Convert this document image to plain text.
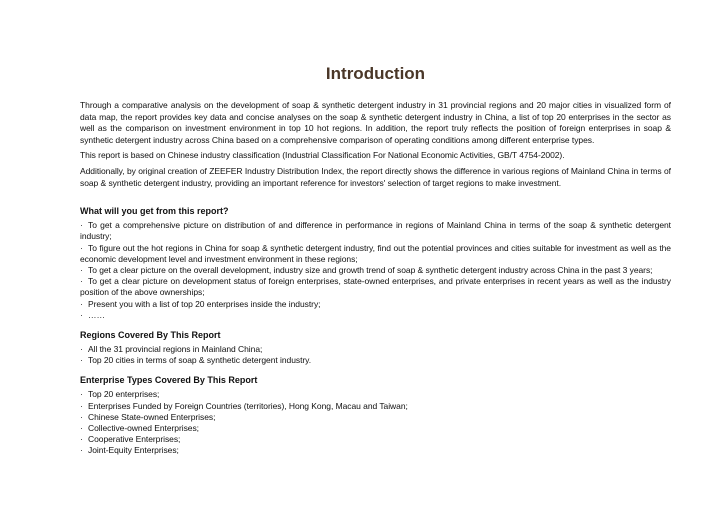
Introduction

Through a comparative analysis on the development of soap & synthetic detergent industry in 31 provincial regions and 20 major cities in visualized form of data map, the report provides key data and concise analyses on the soap & synthetic detergent industry in China, a list of top 20 enterprises in the sector as well as the comparison on investment environment in top 10 hot regions. In addition, the report truly reflects the position of foreign enterprises in soap & synthetic detergent industry across China based on a comprehensive comparison of operating conditions among different enterprise types.

This report is based on Chinese industry classification (Industrial Classification For National Economic Activities, GB/T 4754-2002).

Additionally, by original creation of ZEEFER Industry Distribution Index, the report directly shows the difference in various regions of Mainland China in terms of soap & synthetic detergent industry, providing an important reference for investors' selection of target regions to make investment.

What will you get from this report?
· To get a comprehensive picture on distribution of and difference in performance in regions of Mainland China in terms of the soap & synthetic detergent industry;
· To figure out the hot regions in China for soap & synthetic detergent industry, find out the potential provinces and cities suitable for investment as well as the economic development level and investment environment in these regions;
· To get a clear picture on the overall development, industry size and growth trend of soap & synthetic detergent industry across China in the past 3 years;
· To get a clear picture on development status of foreign enterprises, state-owned enterprises, and private enterprises in recent years as well as the industry position of the above ownerships;
· Present you with a list of top 20 enterprises inside the industry;
· ……
Regions Covered By This Report
· All the 31 provincial regions in Mainland China;
· Top 20 cities in terms of soap & synthetic detergent industry.
Enterprise Types Covered By This Report
· Top 20 enterprises;
· Enterprises Funded by Foreign Countries (territories), Hong Kong, Macau and Taiwan;
· Chinese State-owned Enterprises;
· Collective-owned Enterprises;
· Cooperative Enterprises;
· Joint-Equity Enterprises;
